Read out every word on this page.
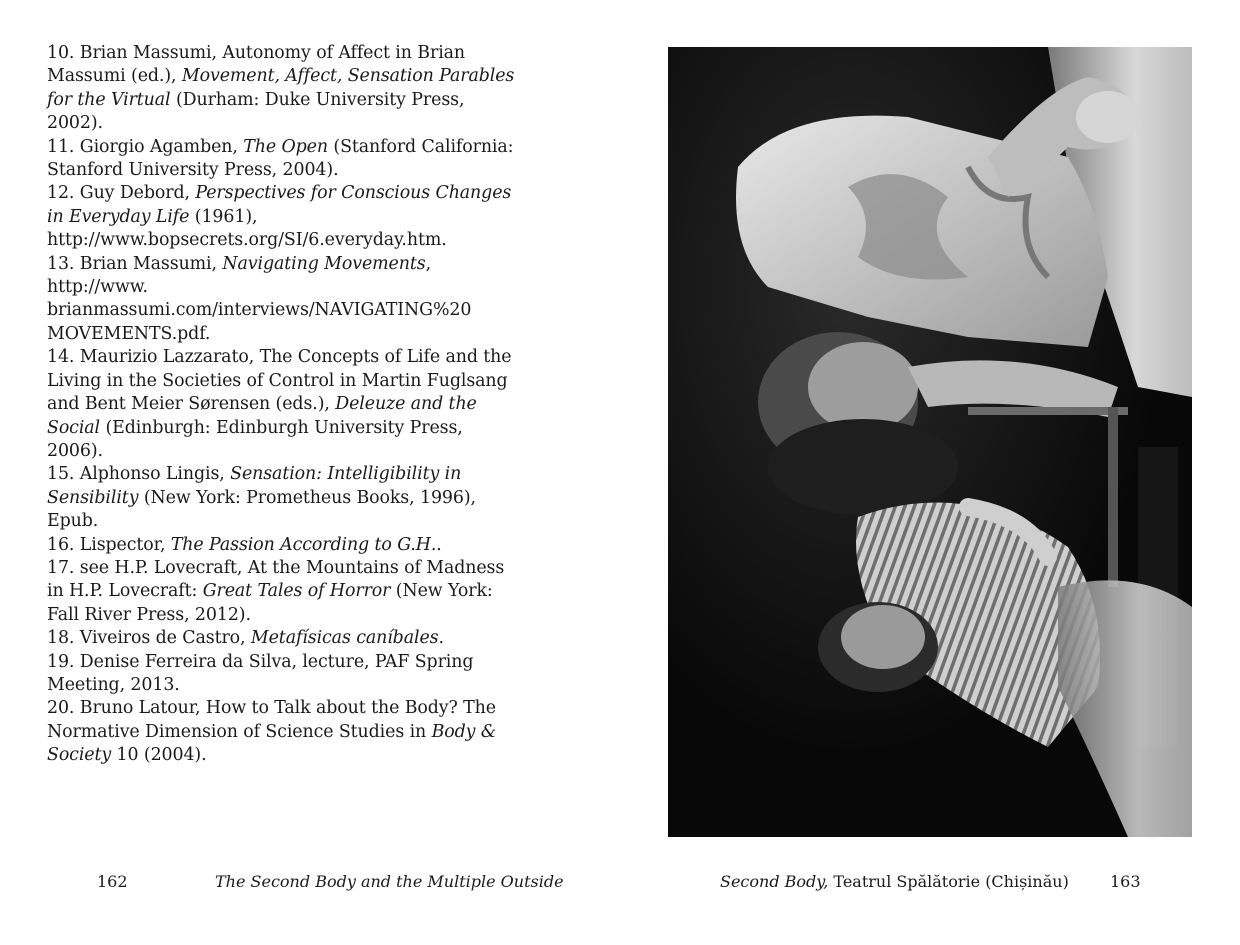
10. Brian Massumi, Autonomy of Affect in Brian Massumi (ed.), Movement, Affect, Sensation Parables for the Virtual (Durham: Duke University Press, 2002).

11. Giorgio Agamben, The Open (Stanford California: Stanford University Press, 2004).

12. Guy Debord, Perspectives for Conscious Changes in Everyday Life (1961), http://www.bopsecrets.org/SI/6.​everyday.htm.

13. Brian Massumi, Navigating Movements, http://www.​brianmassumi.com/interviews/NAVIGATING%20​MOVEMENTS.pdf.

14. Maurizio Lazzarato, The Concepts of Life and the Living in the Societies of Control in Martin Fuglsang and Bent Meier Sørensen (eds.), Deleuze and the Social (Edinburgh: Edinburgh University Press, 2006).

15. Alphonso Lingis, Sensation: Intelligibility in Sensibility (New York: Prometheus Books, 1996), Epub.

16. Lispector, The Passion According to G.H..

17. see H.P. Lovecraft, At the Mountains of Madness in H.P. Lovecraft: Great Tales of Horror (New York: Fall River Press, 2012).

18. Viveiros de Castro, Metafísicas caníbales.

19. Denise Ferreira da Silva, lecture, PAF Spring Meeting, 2013.

20. Bruno Latour, How to Talk about the Body? The Normative Dimension of Science Studies in Body & Society 10 (2004).

162	The Second Body and the Multiple Outside	Second Body, Teatrul Spălătorie (Chișinău)	163
